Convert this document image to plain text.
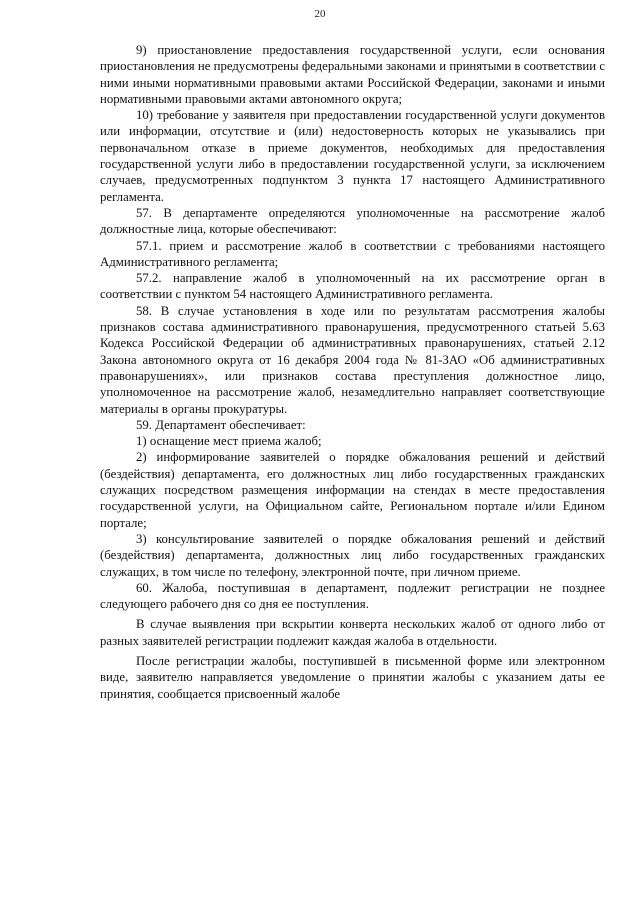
20

9) приостановление предоставления государственной услуги, если основания приостановления не предусмотрены федеральными законами и принятыми в соответствии с ними иными нормативными правовыми актами Российской Федерации, законами и иными нормативными правовыми актами автономного округа;

10) требование у заявителя при предоставлении государственной услуги документов или информации, отсутствие и (или) недостоверность которых не указывались при первоначальном отказе в приеме документов, необходимых для предоставления государственной услуги либо в предоставлении государственной услуги, за исключением случаев, предусмотренных подпунктом 3 пункта 17 настоящего Административного регламента.

57. В департаменте определяются уполномоченные на рассмотрение жалоб должностные лица, которые обеспечивают:

57.1. прием и рассмотрение жалоб в соответствии с требованиями настоящего Административного регламента;

57.2. направление жалоб в уполномоченный на их рассмотрение орган в соответствии с пунктом 54 настоящего Административного регламента.

58. В случае установления в ходе или по результатам рассмотрения жалобы признаков состава административного правонарушения, предусмотренного статьей 5.63 Кодекса Российской Федерации об административных правонарушениях, статьей 2.12 Закона автономного округа от 16 декабря 2004 года № 81-ЗАО «Об административных правонарушениях», или признаков состава преступления должностное лицо, уполномоченное на рассмотрение жалоб, незамедлительно направляет соответствующие материалы в органы прокуратуры.

59. Департамент обеспечивает:

1) оснащение мест приема жалоб;

2) информирование заявителей о порядке обжалования решений и действий (бездействия) департамента, его должностных лиц либо государственных гражданских служащих посредством размещения информации на стендах в месте предоставления государственной услуги, на Официальном сайте, Региональном портале и/или Едином портале;

3) консультирование заявителей о порядке обжалования решений и действий (бездействия) департамента, должностных лиц либо государственных гражданских служащих, в том числе по телефону, электронной почте, при личном приеме.

60. Жалоба, поступившая в департамент, подлежит регистрации не позднее следующего рабочего дня со дня ее поступления.

В случае выявления при вскрытии конверта нескольких жалоб от одного либо от разных заявителей регистрации подлежит каждая жалоба в отдельности.

После регистрации жалобы, поступившей в письменной форме или электронном виде, заявителю направляется уведомление о принятии жалобы с указанием даты ее принятия, сообщается присвоенный жалобе
